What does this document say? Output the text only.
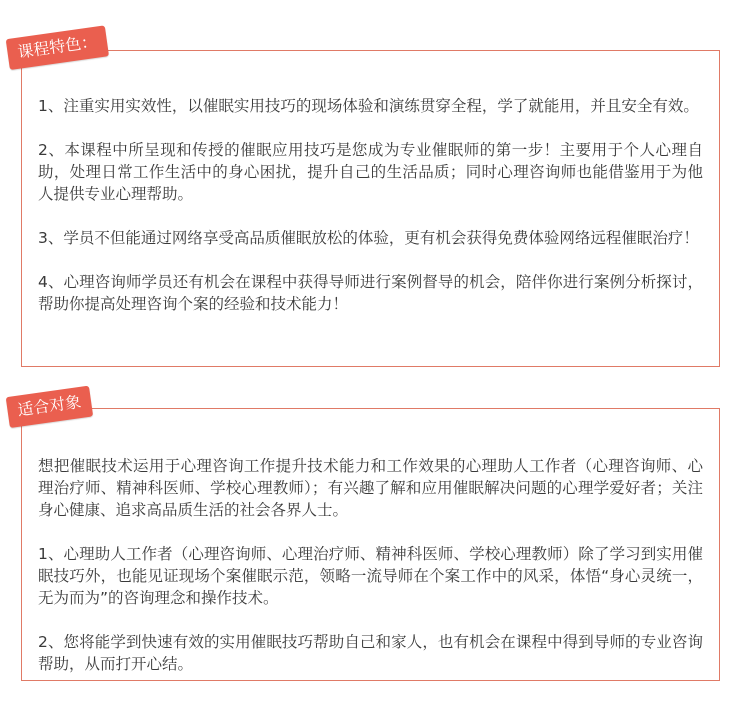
课程特色：

1、注重实用实效性，以催眠实用技巧的现场体验和演练贯穿全程，学了就能用，并且安全有效。

2、本课程中所呈现和传授的催眠应用技巧是您成为专业催眠师的第一步！主要用于个人心理自助，处理日常工作生活中的身心困扰，提升自己的生活品质；同时心理咨询师也能借鉴用于为他人提供专业心理帮助。

3、学员不但能通过网络享受高品质催眠放松的体验，更有机会获得免费体验网络远程催眠治疗！

4、心理咨询师学员还有机会在课程中获得导师进行案例督导的机会，陪伴你进行案例分析探讨，帮助你提高处理咨询个案的经验和技术能力！

适合对象

想把催眠技术运用于心理咨询工作提升技术能力和工作效果的心理助人工作者（心理咨询师、心理治疗师、精神科医师、学校心理教师）；有兴趣了解和应用催眠解决问题的心理学爱好者；关注身心健康、追求高品质生活的社会各界人士。

1、心理助人工作者（心理咨询师、心理治疗师、精神科医师、学校心理教师）除了学习到实用催眠技巧外，也能见证现场个案催眠示范，领略一流导师在个案工作中的风采，体悟“身心灵统一，无为而为”的咨询理念和操作技术。

2、您将能学到快速有效的实用催眠技巧帮助自己和家人，也有机会在课程中得到导师的专业咨询帮助，从而打开心结。
